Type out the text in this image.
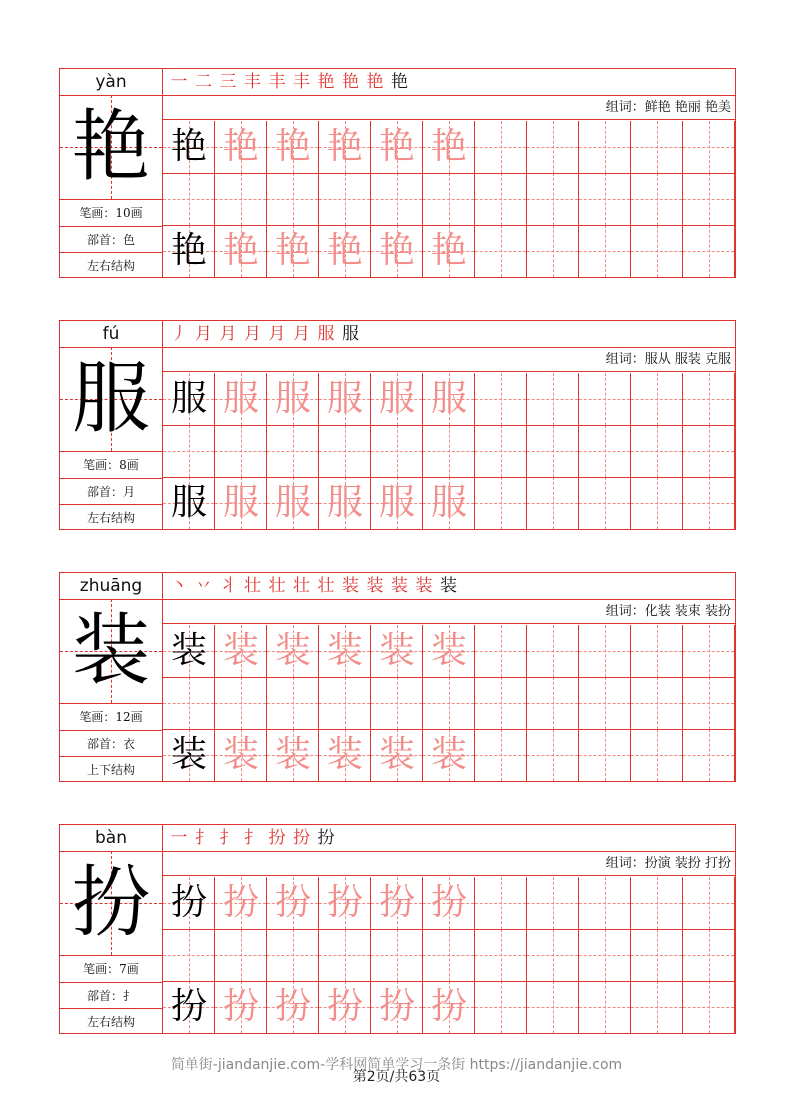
yàn
艳
笔画：10画
部首：色
左右结构
一 二 三 丰 丰 丰 艳 艳 艳 艳
组词：鲜艳 艳丽 艳美
艳 艳 艳 艳 艳 艳
艳 艳 艳 艳 艳 艳
fú
服
笔画：8画
部首：月
左右结构
丿 月 月 月 月 月 服 服
组词：服从 服装 克服
服 服 服 服 服 服
服 服 服 服 服 服
zhuāng
装
笔画：12画
部首：衣
上下结构
丶 丷 丬 壮 壮 壮 壮 装 装 装 装 装
组词：化装 装束 装扮
装 装 装 装 装 装
装 装 装 装 装 装
bàn
扮
笔画：7画
部首：扌
左右结构
一 扌 扌 扌 扮 扮 扮
组词：扮演 装扮 打扮
扮 扮 扮 扮 扮 扮
扮 扮 扮 扮 扮 扮
简单街-jiandanjie.com-学科网简单学习一条街 https://jiandanjie.com
第2页/共63页
